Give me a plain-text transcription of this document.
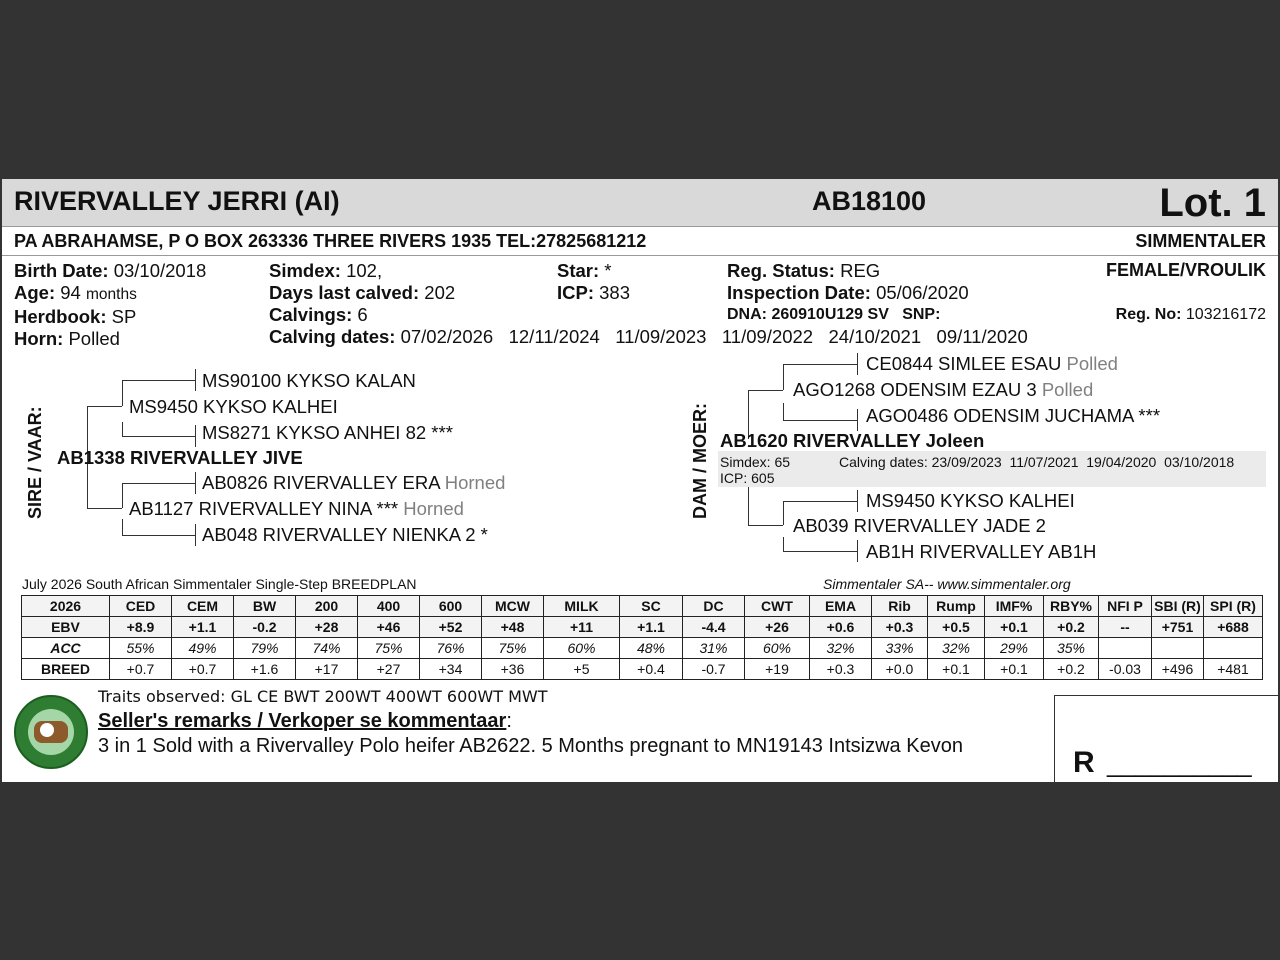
RIVERVALLEY JERRI (AI)	AB18100	Lot. 1
PA ABRAHAMSE, P O BOX 263336 THREE RIVERS 1935 TEL:27825681212	SIMMENTALER
Birth Date: 03/10/2018
Age: 94 months
Herdbook: SP
Horn: Polled
Simdex: 102,
Days last calved: 202
Calvings: 6
Calving dates: 07/02/2026   12/11/2024   11/09/2023   11/09/2022   24/10/2021   09/11/2020
Star: *
ICP: 383
Reg. Status: REG
Inspection Date: 05/06/2020
DNA: 260910U129 SV   SNP:
FEMALE/VROULIK
Reg. No: 103216172
SIRE / VAAR:
MS90100 KYKSO KALAN
MS9450 KYKSO KALHEI
MS8271 KYKSO ANHEI 82 ***
AB1338 RIVERVALLEY JIVE
AB0826 RIVERVALLEY ERA Horned
AB1127 RIVERVALLEY NINA *** Horned
AB048 RIVERVALLEY NIENKA 2 *
DAM / MOER:
CE0844 SIMLEE ESAU Polled
AGO1268 ODENSIM EZAU 3 Polled
AGO0486 ODENSIM JUCHAMA ***
AB1620 RIVERVALLEY Joleen
Simdex: 65	Calving dates: 23/09/2023  11/07/2021  19/04/2020  03/10/2018
ICP: 605
MS9450 KYKSO KALHEI
AB039 RIVERVALLEY JADE 2
AB1H RIVERVALLEY AB1H
July 2026 South African Simmentaler Single-Step BREEDPLAN	Simmentaler SA-- www.simmentaler.org
2026	CED	CEM	BW	200	400	600	MCW	MILK	SC	DC	CWT	EMA	Rib	Rump	IMF%	RBY%	NFI P	SBI (R)	SPI (R)
EBV	+8.9	+1.1	-0.2	+28	+46	+52	+48	+11	+1.1	-4.4	+26	+0.6	+0.3	+0.5	+0.1	+0.2	--	+751	+688
ACC	55%	49%	79%	74%	75%	76%	75%	60%	48%	31%	60%	32%	33%	32%	29%	35%			
BREED	+0.7	+0.7	+1.6	+17	+27	+34	+36	+5	+0.4	-0.7	+19	+0.3	+0.0	+0.1	+0.1	+0.2	-0.03	+496	+481
Traits observed: GL CE BWT 200WT 400WT 600WT MWT
Seller's remarks / Verkoper se kommentaar:
3 in 1 Sold with a Rivervalley Polo heifer AB2622. 5 Months pregnant to MN19143 Intsizwa Kevon	R __________
